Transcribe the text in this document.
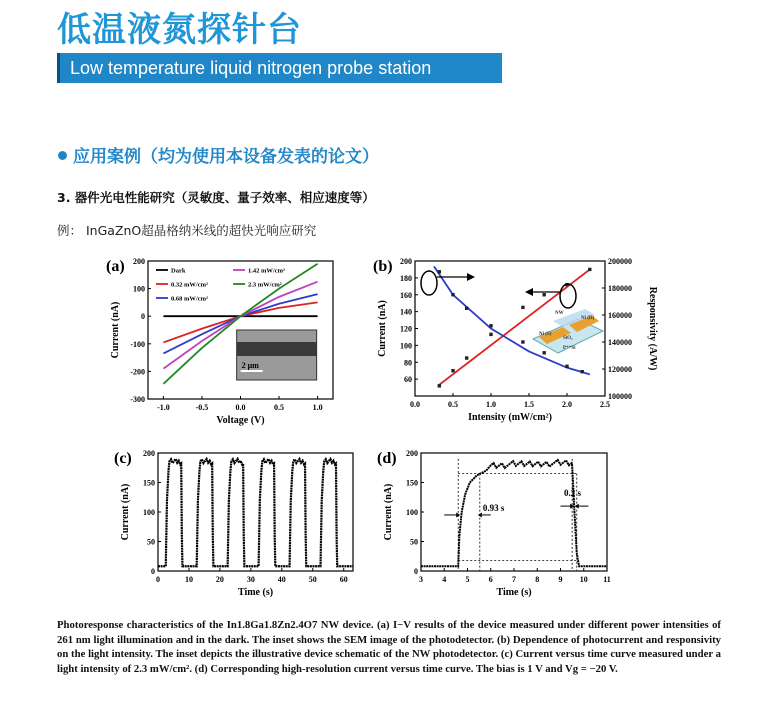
低温液氮探针台
Low temperature liquid nitrogen probe station
应用案例（均为使用本设备发表的论文）
3. 器件光电性能研究（灵敏度、量子效率、相应速度等）
例： InGaZnO超晶格纳米线的超快光响应研究
(a)
-1.0	-0.5	0.0	0.5	1.0
200
100
0
-100
-200
-300
Voltage (V)
Current (nA)
2 μm
Dark
0.32 mW/cm²
0.68 mW/cm²
1.42 mW/cm²
2.3 mW/cm²
(b)
0.0	0.5	1.0	1.5	2.0	2.5
200
180
160
140
120
100
80
60
Intensity (mW/cm²)
Current (nA)
200000
180000
160000
140000
120000
100000
Responsivity (A/W)
NW
Ni (S)
Ni (D)
SiO₂
P⁺⁺Si
(c)
0	10	20	30	40	50	60
200
150
100
50
0
Time (s)
Current (nA)
(d)
3 4 5 6 7 8 9 10 11
200
150
100
50
0
Time (s)
Current (nA)	0.93 s
0.2 s
Photoresponse characteristics of the In1.8Ga1.8Zn2.4O7 NW device. (a) I−V results of the device measured under different power intensities of 261 nm light illumination and in the dark. The inset shows the SEM image of the photodetector. (b) Dependence of photocurrent and responsivity on the light intensity. The inset depicts the illustrative device schematic of the NW photodetector. (c) Current versus time curve measured under a light intensity of 2.3 mW/cm². (d) Corresponding high-resolution current versus time curve. The bias is 1 V and Vg = −20 V.
